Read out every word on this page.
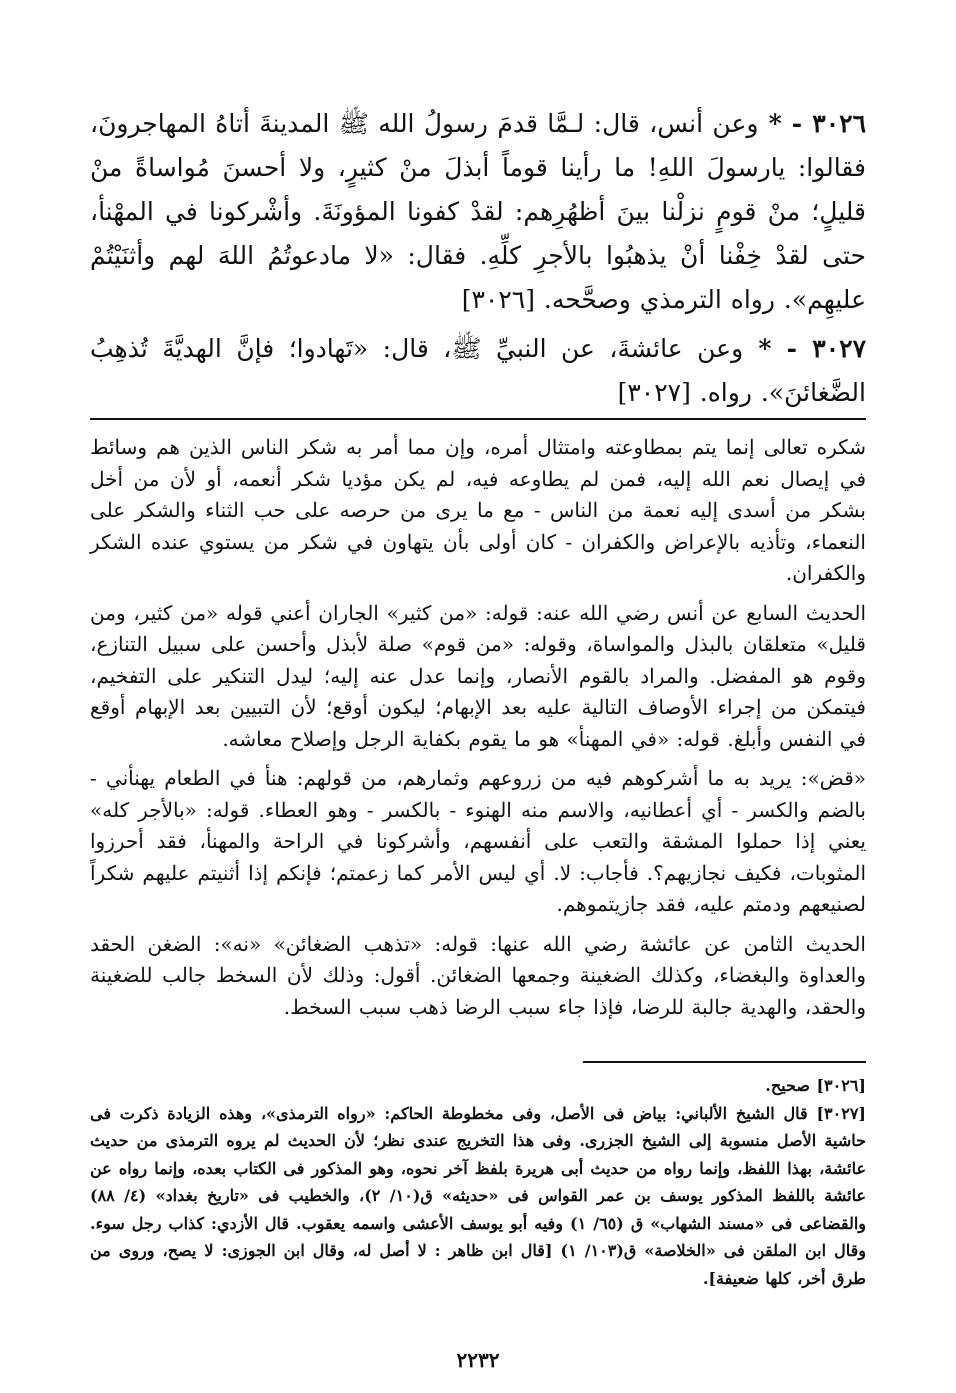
٣٠٢٦ - * وعن أنس، قال: لـمَّا قدمَ رسولُ الله ﷺ المدينةَ أتاهُ المهاجرونَ، فقالوا: يارسولَ اللهِ! ما رأينا قوماً أبذلَ منْ كثيرٍ، ولا أحسنَ مُواساةً منْ قليلٍ؛ منْ قومٍ نزلْنا بينَ أظهُرِهم: لقدْ كفونا المؤونَةَ. وأشْركونا في المهْنأ، حتى لقدْ خِفْنا أنْ يذهبُوا بالأجرِ كلِّهِ. فقال: «لا مادعوتُمُ اللهَ لهم وأثنَيْتُمْ عليهِم». رواه الترمذي وصحَّحه. [٣٠٢٦]

٣٠٢٧ - * وعن عائشةَ، عن النبيِّ ﷺ، قال: «تَهادوا؛ فإنَّ الهديَّةَ تُذهِبُ الضَّغائنَ». رواه. [٣٠٢٧]

شكره تعالى إنما يتم بمطاوعته وامتثال أمره، وإن مما أمر به شكر الناس الذين هم وسائط في إيصال نعم الله إليه، فمن لم يطاوعه فيه، لم يكن مؤديا شكر أنعمه، أو لأن من أخل بشكر من أسدى إليه نعمة من الناس - مع ما يرى من حرصه على حب الثناء والشكر على النعماء، وتأذيه بالإعراض والكفران - كان أولى بأن يتهاون في شكر من يستوي عنده الشكر والكفران.

الحديث السابع عن أنس رضي الله عنه: قوله: «من كثير» الجاران أعني قوله «من كثير، ومن قليل» متعلقان بالبذل والمواساة، وقوله: «من قوم» صلة لأبذل وأحسن على سبيل التنازع، وقوم هو المفضل. والمراد بالقوم الأنصار، وإنما عدل عنه إليه؛ ليدل التنكير على التفخيم، فيتمكن من إجراء الأوصاف التالية عليه بعد الإبهام؛ ليكون أوقع؛ لأن التبيين بعد الإبهام أوقع في النفس وأبلغ. قوله: «في المهنأ» هو ما يقوم بكفاية الرجل وإصلاح معاشه.

«قض»: يريد به ما أشركوهم فيه من زروعهم وثمارهم، من قولهم: هنأ في الطعام يهنأني - بالضم والكسر - أي أعطانيه، والاسم منه الهنوء - بالكسر - وهو العطاء. قوله: «بالأجر كله» يعني إذا حملوا المشقة والتعب على أنفسهم، وأشركونا في الراحة والمهنأ، فقد أحرزوا المثوبات، فكيف نجازيهم؟. فأجاب: لا. أي ليس الأمر كما زعمتم؛ فإنكم إذا أثنيتم عليهم شكراً لصنيعهم ودمتم عليه، فقد جازيتموهم.

الحديث الثامن عن عائشة رضي الله عنها: قوله: «تذهب الضغائن» «نه»: الضغن الحقد والعداوة والبغضاء، وكذلك الضغينة وجمعها الضغائن. أقول: وذلك لأن السخط جالب للضغينة والحقد، والهدية جالبة للرضا، فإذا جاء سبب الرضا ذهب سبب السخط.

[٣٠٢٦] صحيح.

[٣٠٢٧] قال الشيخ الألباني: بياض فى الأصل، وفى مخطوطة الحاكم: «رواه الترمذى»، وهذه الزيادة ذكرت فى حاشية الأصل منسوبة إلى الشيخ الجزرى. وفى هذا التخريج عندى نظر؛ لأن الحديث لم يروه الترمذى من حديث عائشة، بهذا اللفظ، وإنما رواه من حديث أبى هريرة بلفظ آخر نحوه، وهو المذكور فى الكتاب بعده، وإنما رواه عن عائشة باللفظ المذكور يوسف بن عمر القواس فى «حديثه» ق(١٠/ ٢)، والخطيب فى «تاريخ بغداد» (٤/ ٨٨) والقضاعى فى «مسند الشهاب» ق (٦٥/ ١) وفيه أبو يوسف الأعشى واسمه يعقوب. قال الأزدي: كذاب رجل سوء. وقال ابن الملقن فى «الخلاصة» ق(١٠٣/ ١) [قال ابن ظاهر : لا أصل له، وقال ابن الجوزى: لا يصح، وروى من طرق أخر، كلها ضعيفة].

٢٢٣٢
